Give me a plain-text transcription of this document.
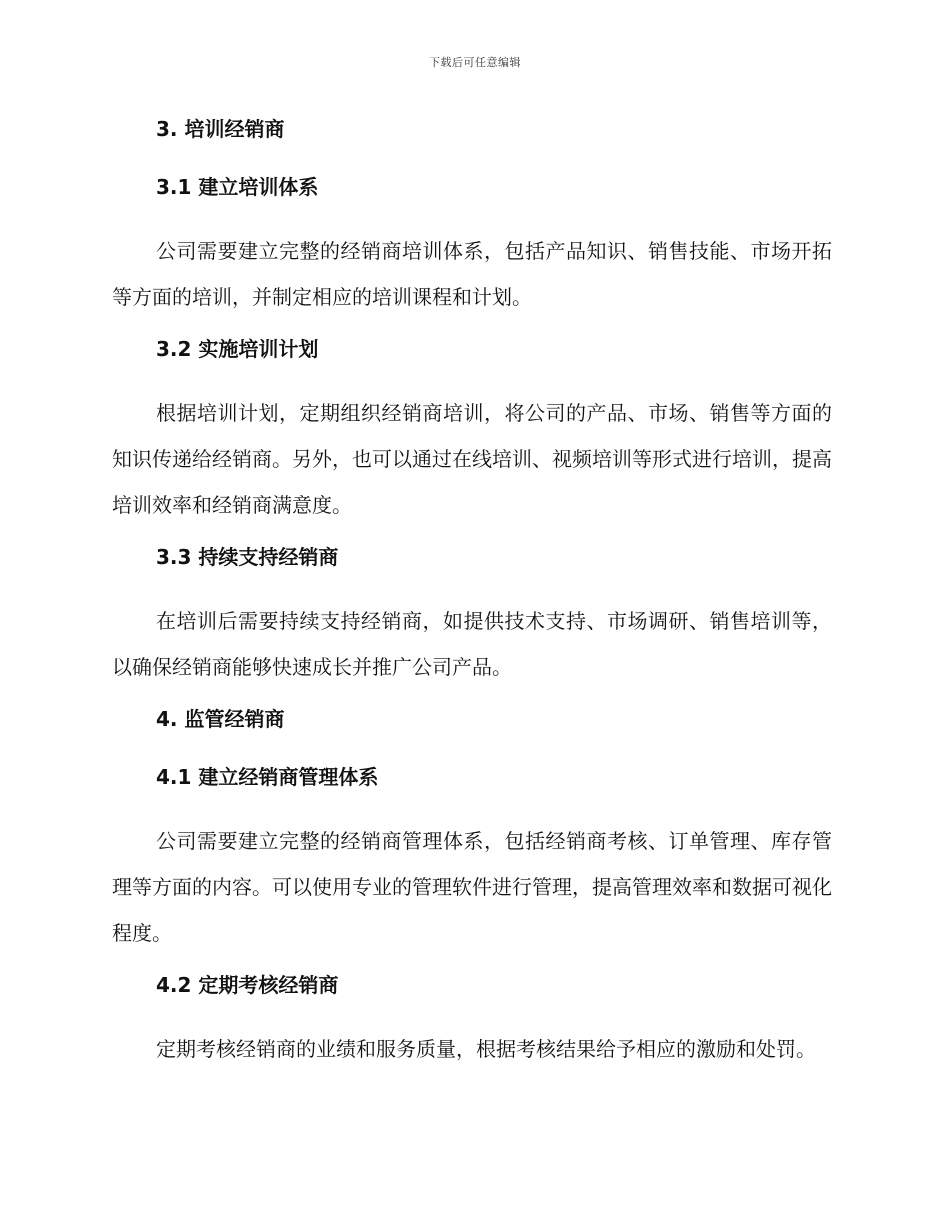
下载后可任意编辑
3. 培训经销商
3.1 建立培训体系

公司需要建立完整的经销商培训体系，包括产品知识、销售技能、市场开拓等方面的培训，并制定相应的培训课程和计划。

3.2 实施培训计划

根据培训计划，定期组织经销商培训，将公司的产品、市场、销售等方面的知识传递给经销商。另外，也可以通过在线培训、视频培训等形式进行培训，提高培训效率和经销商满意度。

3.3 持续支持经销商

在培训后需要持续支持经销商，如提供技术支持、市场调研、销售培训等，以确保经销商能够快速成长并推广公司产品。

4. 监管经销商
4.1 建立经销商管理体系

公司需要建立完整的经销商管理体系，包括经销商考核、订单管理、库存管理等方面的内容。可以使用专业的管理软件进行管理，提高管理效率和数据可视化程度。

4.2 定期考核经销商

定期考核经销商的业绩和服务质量，根据考核结果给予相应的激励和处罚。
